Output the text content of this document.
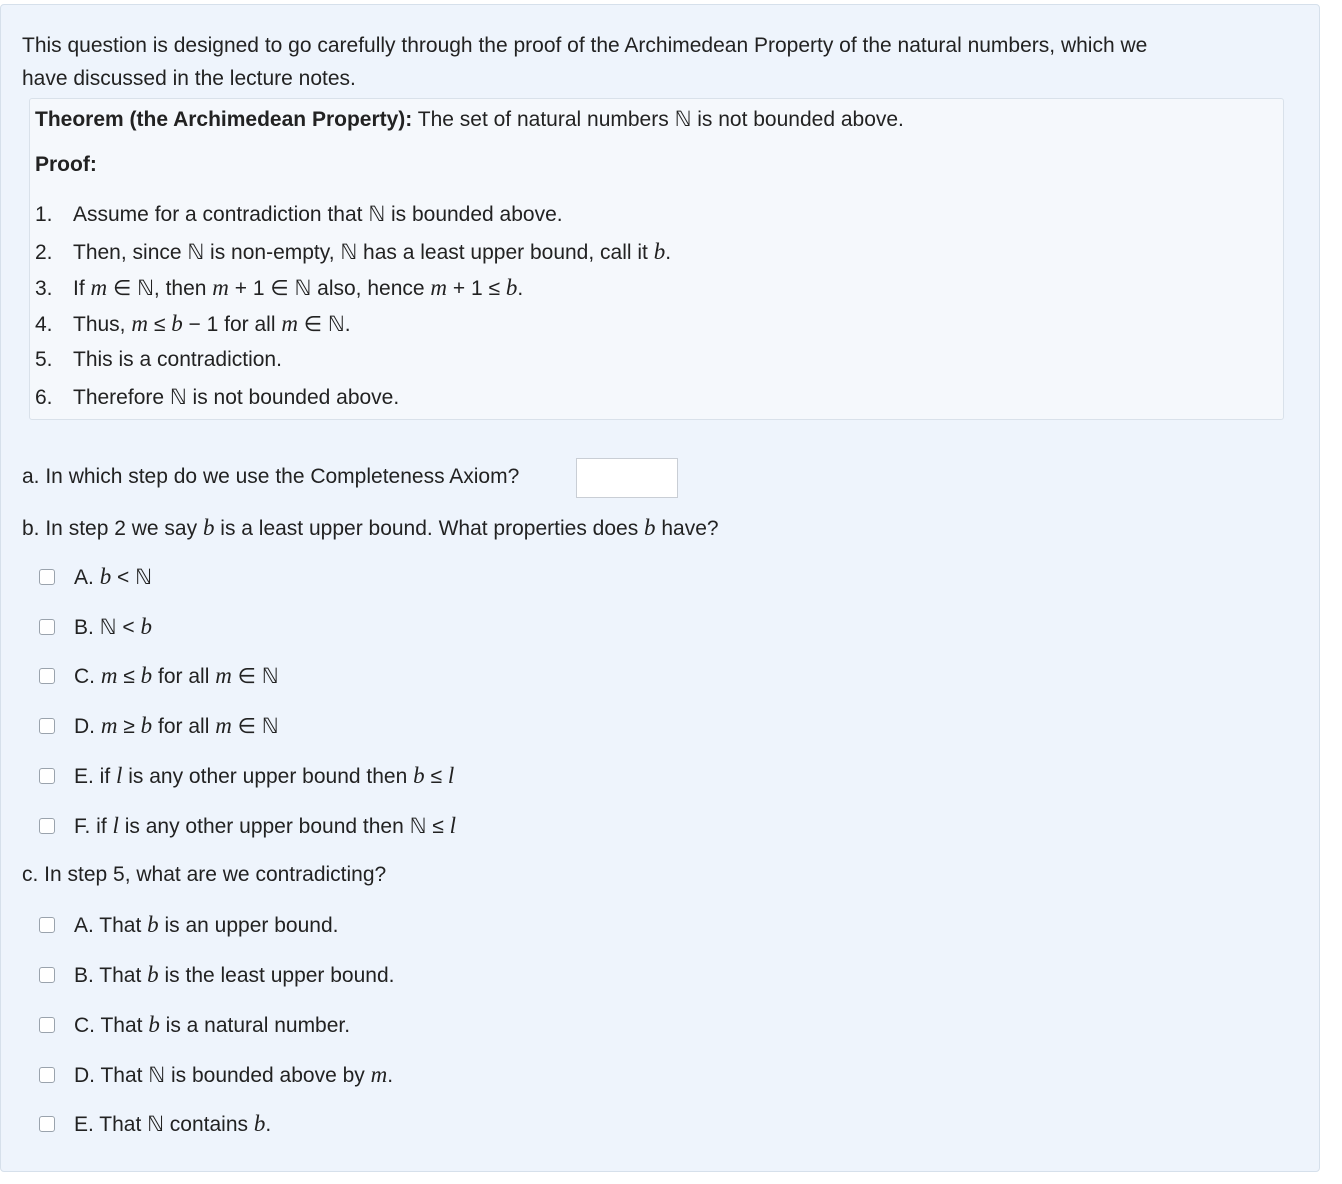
This question is designed to go carefully through the proof of the Archimedean Property of the natural numbers, which we
have discussed in the lecture notes.
Theorem (the Archimedean Property): The set of natural numbers ℕ is not bounded above.
Proof:
1. Assume for a contradiction that ℕ is bounded above.
2. Then, since ℕ is non-empty, ℕ has a least upper bound, call it b.
3. If m ∈ ℕ, then m + 1 ∈ ℕ also, hence m + 1 ≤ b.
4. Thus, m ≤ b − 1 for all m ∈ ℕ.
5. This is a contradiction.
6. Therefore ℕ is not bounded above.
a. In which step do we use the Completeness Axiom?
b. In step 2 we say b is a least upper bound. What properties does b have?
A. b < ℕ
B. ℕ < b
C. m ≤ b for all m ∈ ℕ
D. m ≥ b for all m ∈ ℕ
E. if l is any other upper bound then b ≤ l
F. if l is any other upper bound then ℕ ≤ l
c. In step 5, what are we contradicting?
A. That b is an upper bound.
B. That b is the least upper bound.
C. That b is a natural number.
D. That ℕ is bounded above by m.
E. That ℕ contains b.
